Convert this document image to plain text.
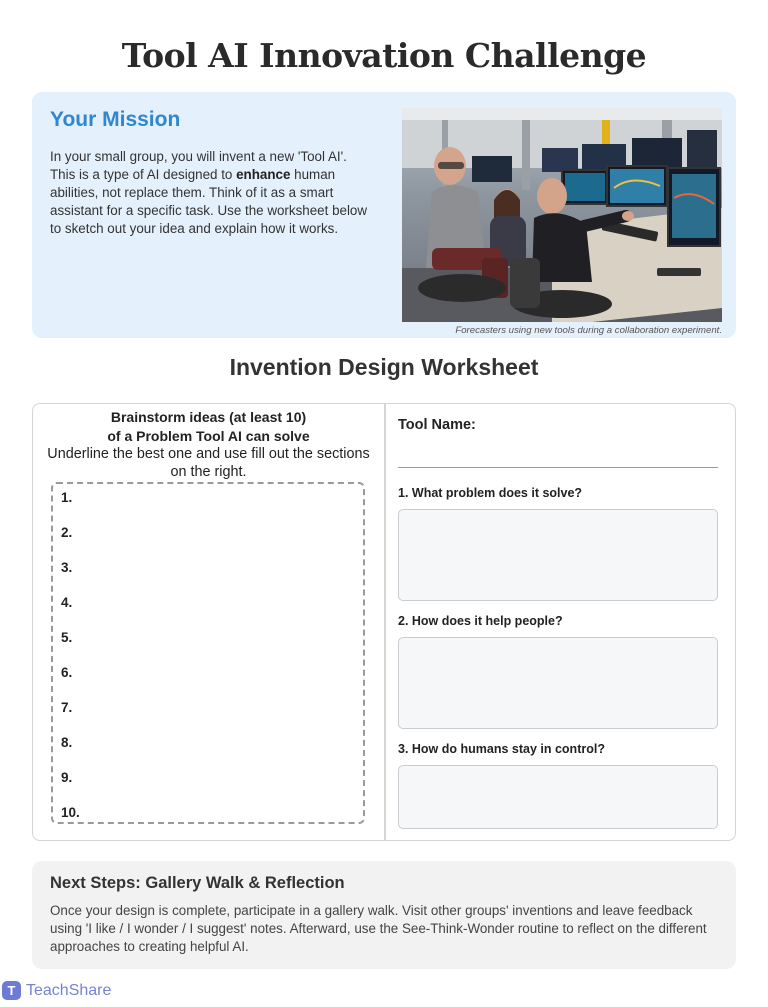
Tool AI Innovation Challenge
Your Mission

In your small group, you will invent a new 'Tool AI'. This is a type of AI designed to enhance human abilities, not replace them. Think of it as a smart assistant for a specific task. Use the worksheet below to sketch out your idea and explain how it works.

Forecasters using new tools during a collaboration experiment.

Invention Design Worksheet
Brainstorm ideas (at least 10)
of a Problem Tool AI can solve
Underline the best one and use fill out the sections on the right.
1.
2.
3.
4.
5.
6.
7.
8.
9.
10.
Tool Name:
1. What problem does it solve?
2. How does it help people?
3. How do humans stay in control?
Next Steps: Gallery Walk & Reflection

Once your design is complete, participate in a gallery walk. Visit other groups' inventions and leave feedback using 'I like / I wonder / I suggest' notes. Afterward, use the See-Think-Wonder routine to reflect on the different approaches to creating helpful AI.

T TeachShare
